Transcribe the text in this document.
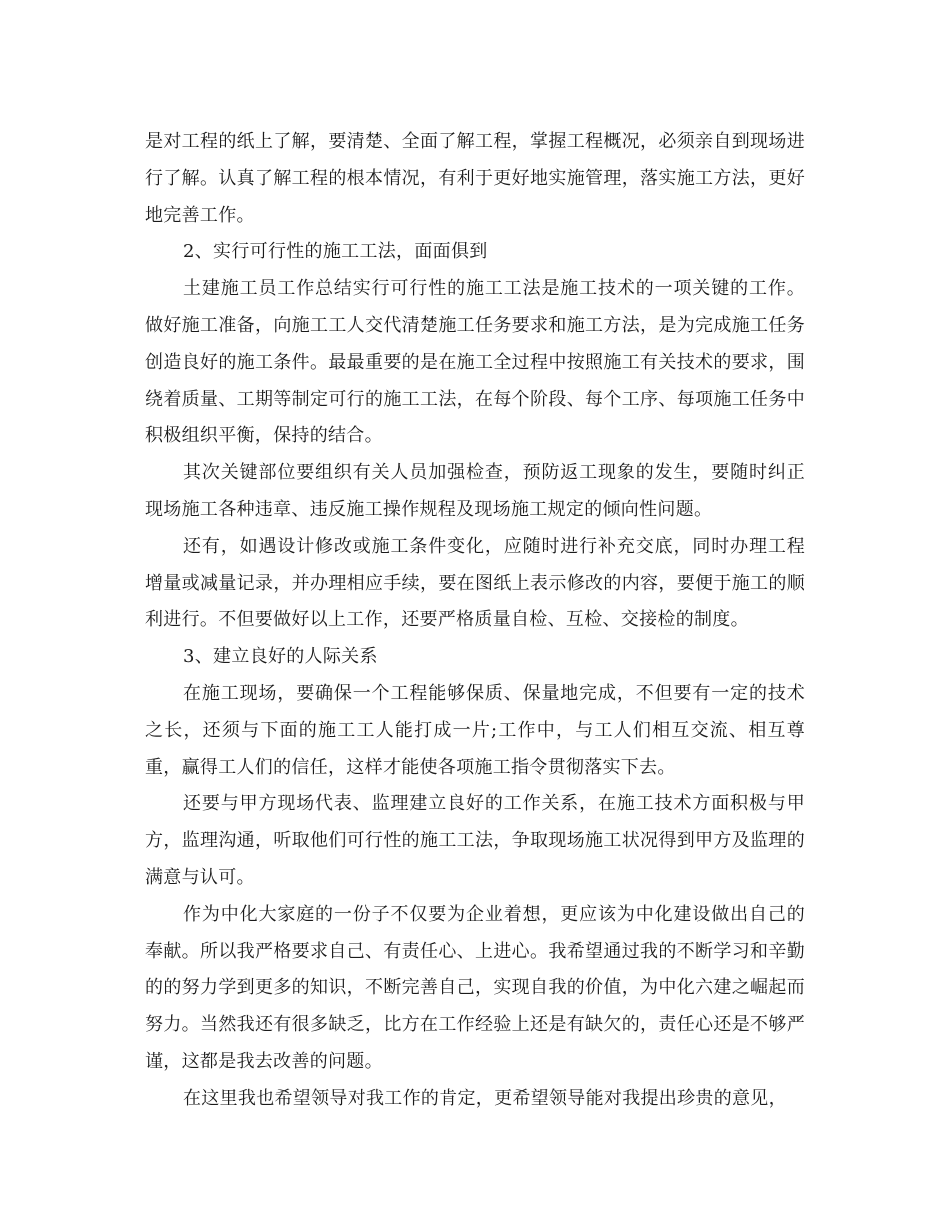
是对工程的纸上了解，要清楚、全面了解工程，掌握工程概况，必须亲自到现场进行了解。认真了解工程的根本情况，有利于更好地实施管理，落实施工方法，更好地完善工作。

2、实行可行性的施工工法，面面俱到

土建施工员工作总结实行可行性的施工工法是施工技术的一项关键的工作。做好施工准备，向施工工人交代清楚施工任务要求和施工方法，是为完成施工任务创造良好的施工条件。最最重要的是在施工全过程中按照施工有关技术的要求，围绕着质量、工期等制定可行的施工工法，在每个阶段、每个工序、每项施工任务中积极组织平衡，保持的结合。

其次关键部位要组织有关人员加强检查，预防返工现象的发生，要随时纠正现场施工各种违章、违反施工操作规程及现场施工规定的倾向性问题。

还有，如遇设计修改或施工条件变化，应随时进行补充交底，同时办理工程增量或减量记录，并办理相应手续，要在图纸上表示修改的内容，要便于施工的顺利进行。不但要做好以上工作，还要严格质量自检、互检、交接检的制度。

3、建立良好的人际关系

在施工现场，要确保一个工程能够保质、保量地完成，不但要有一定的技术之长，还须与下面的施工工人能打成一片;工作中，与工人们相互交流、相互尊重，赢得工人们的信任，这样才能使各项施工指令贯彻落实下去。

还要与甲方现场代表、监理建立良好的工作关系，在施工技术方面积极与甲方，监理沟通，听取他们可行性的施工工法，争取现场施工状况得到甲方及监理的满意与认可。

作为中化大家庭的一份子不仅要为企业着想，更应该为中化建设做出自己的奉献。所以我严格要求自己、有责任心、上进心。我希望通过我的不断学习和辛勤的的努力学到更多的知识，不断完善自己，实现自我的价值，为中化六建之崛起而努力。当然我还有很多缺乏，比方在工作经验上还是有缺欠的，责任心还是不够严谨，这都是我去改善的问题。

在这里我也希望领导对我工作的肯定，更希望领导能对我提出珍贵的意见，
